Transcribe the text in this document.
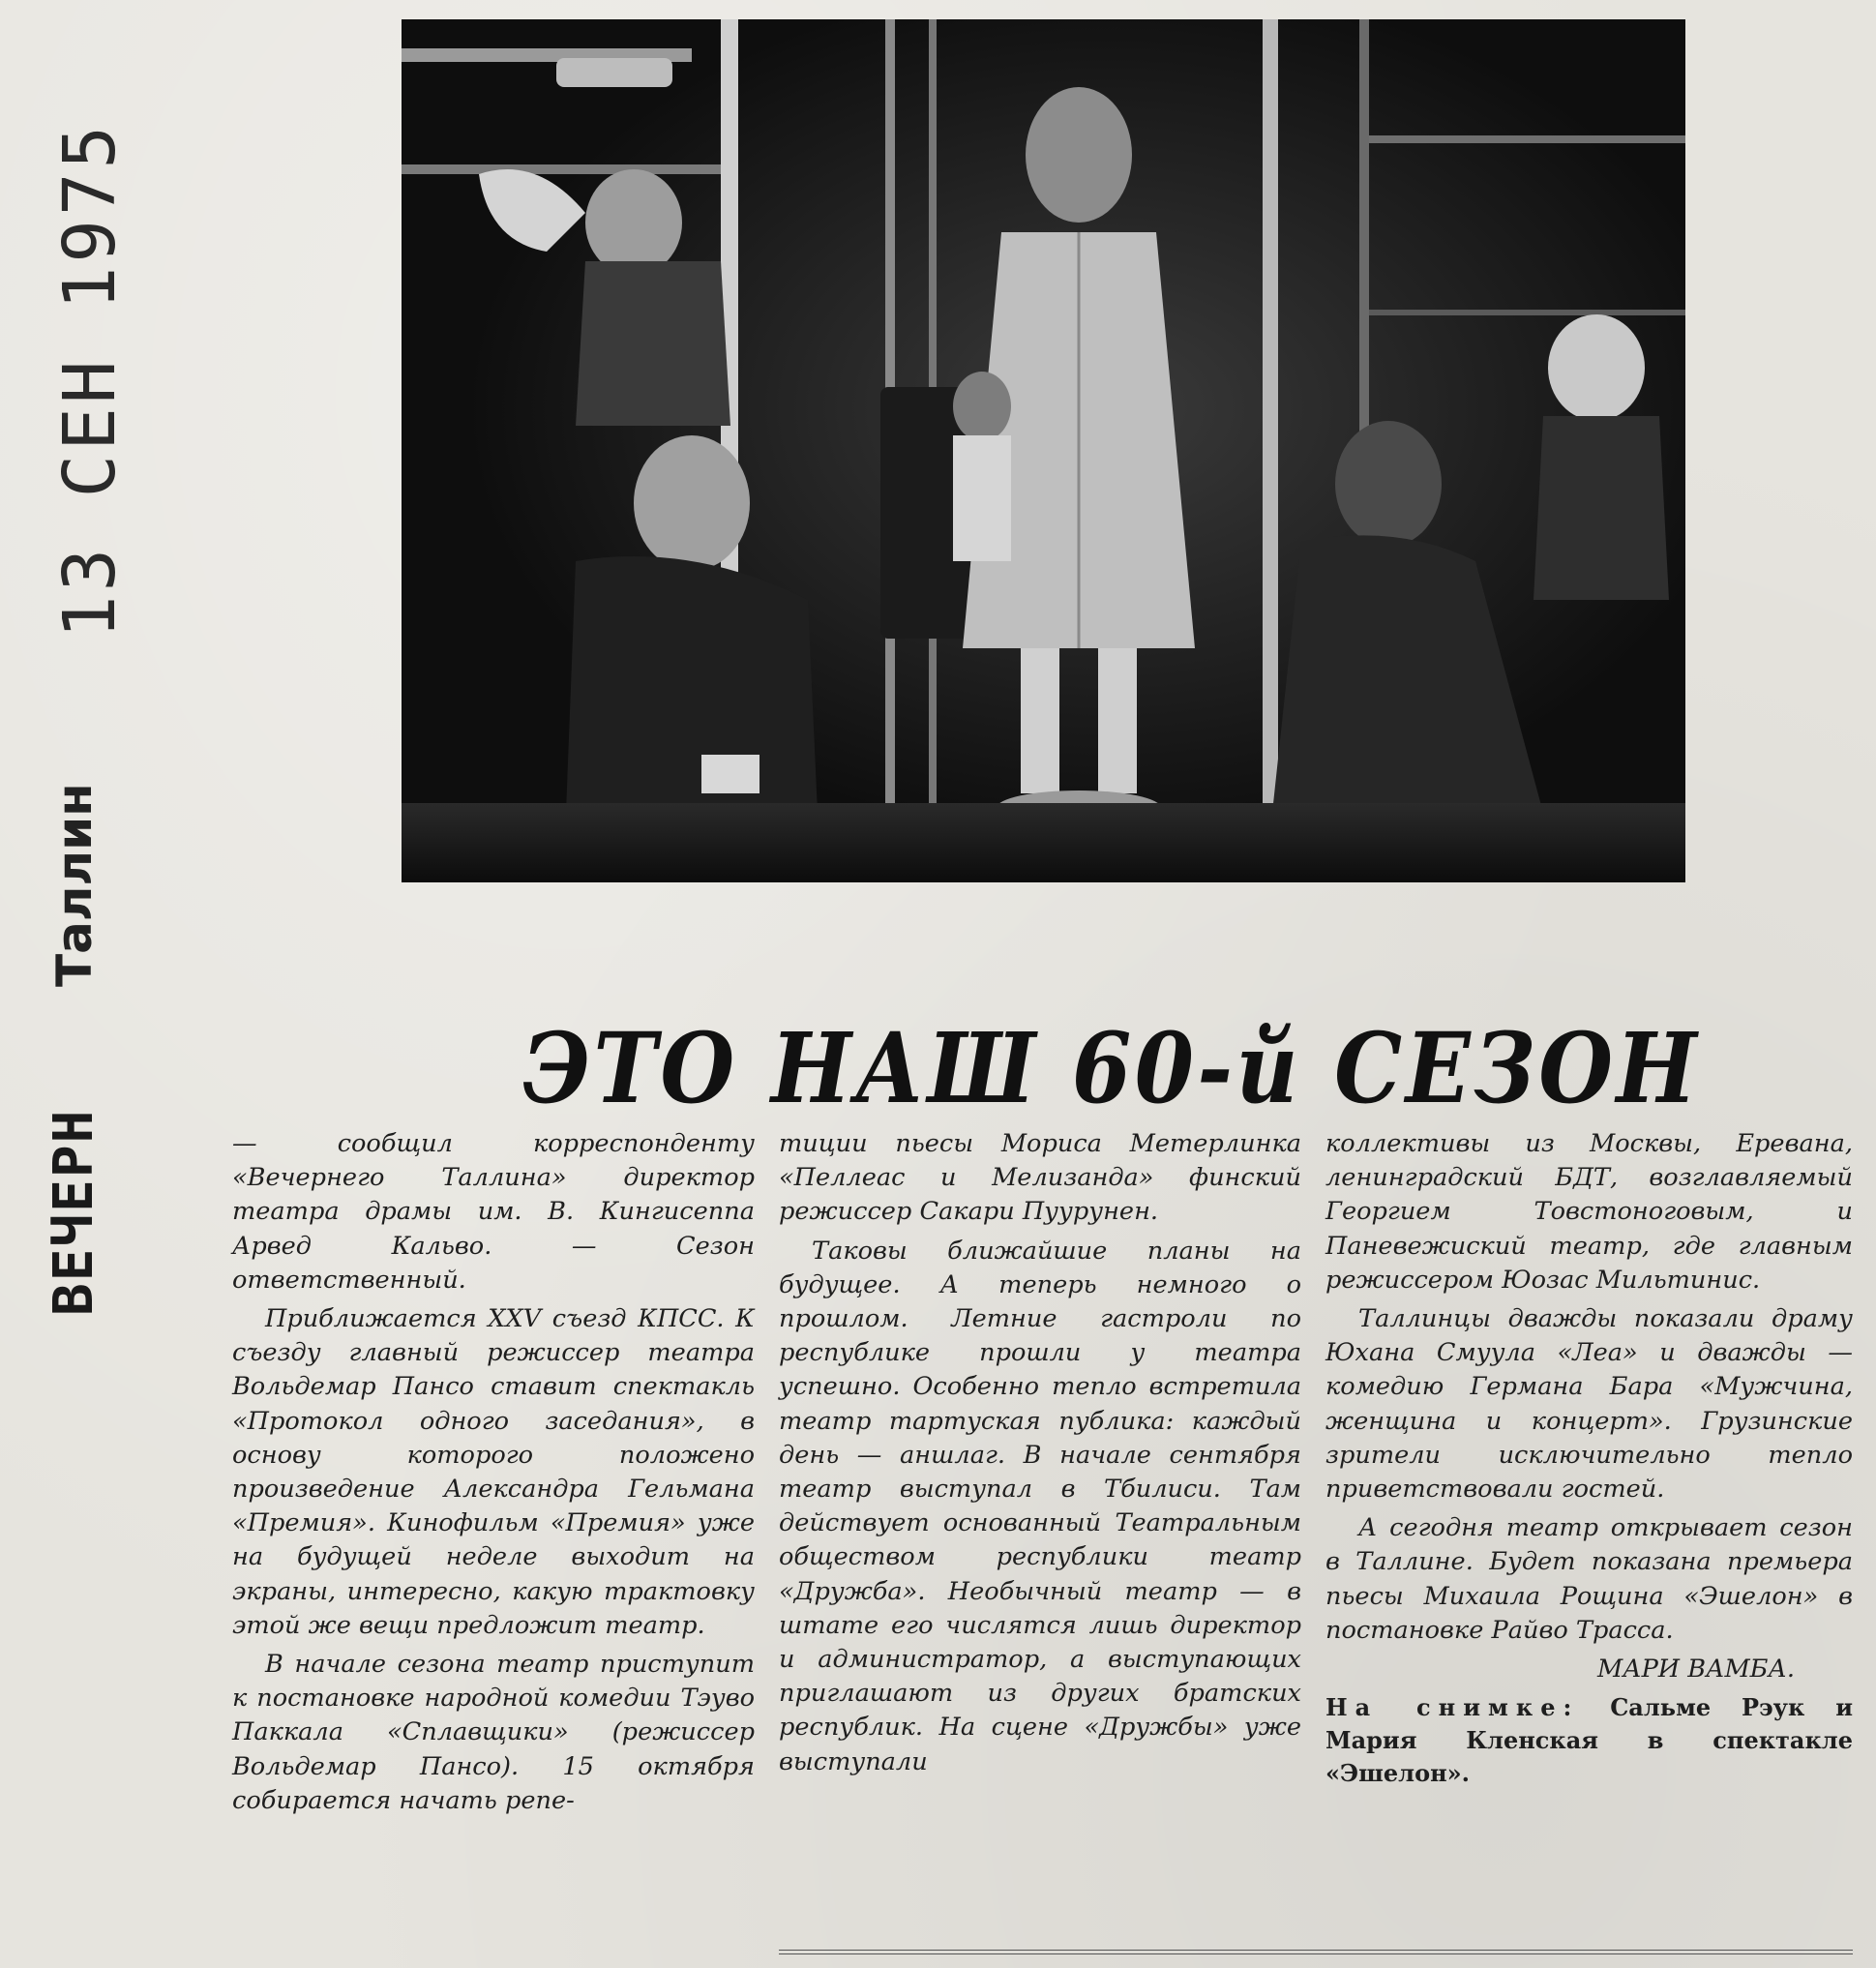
13 СЕН 1975
Таллин
ВЕЧЕРН
ЭТО НАШ 60-й СЕЗОН

— сообщил корреспонденту «Вечернего Таллина» директор театра драмы им. В. Кингисеппа Арвед Кальво. — Сезон ответственный.

Приближается XXV съезд КПСС. К съезду главный режиссер театра Вольдемар Пансо ставит спектакль «Протокол одного заседания», в основу которого положено произведение Александра Гельмана «Премия». Кинофильм «Премия» уже на будущей неделе выходит на экраны, интересно, какую трактовку этой же вещи предложит театр.

В начале сезона театр приступит к постановке народной комедии Тэуво Паккала «Сплавщики» (режиссер Вольдемар Пансо). 15 октября собирается начать репе-

тиции пьесы Мориса Метерлинка «Пеллеас и Мелизанда» финский режиссер Сакари Пуурунен.

Таковы ближайшие планы на будущее. А теперь немного о прошлом. Летние гастроли по республике прошли у театра успешно. Особенно тепло встретила театр тартуская публика: каждый день — аншлаг. В начале сентября театр выступал в Тбилиси. Там действует основанный Театральным обществом республики театр «Дружба». Необычный театр — в штате его числятся лишь директор и администратор, а выступающих приглашают из других братских республик. На сцене «Дружбы» уже выступали

коллективы из Москвы, Еревана, ленинградский БДТ, возглавляемый Георгием Товстоноговым, и Паневежиский театр, где главным режиссером Юозас Мильтинис.

Таллинцы дважды показали драму Юхана Смуула «Леа» и дважды — комедию Германа Бара «Мужчина, женщина и концерт». Грузинские зрители исключительно тепло приветствовали гостей.

А сегодня театр открывает сезон в Таллине. Будет показана премьера пьесы Михаила Рощина «Эшелон» в постановке Райво Трасса.

МАРИ ВАМБА.

На снимке: Сальме Рэук и Мария Кленская в спектакле «Эшелон».
